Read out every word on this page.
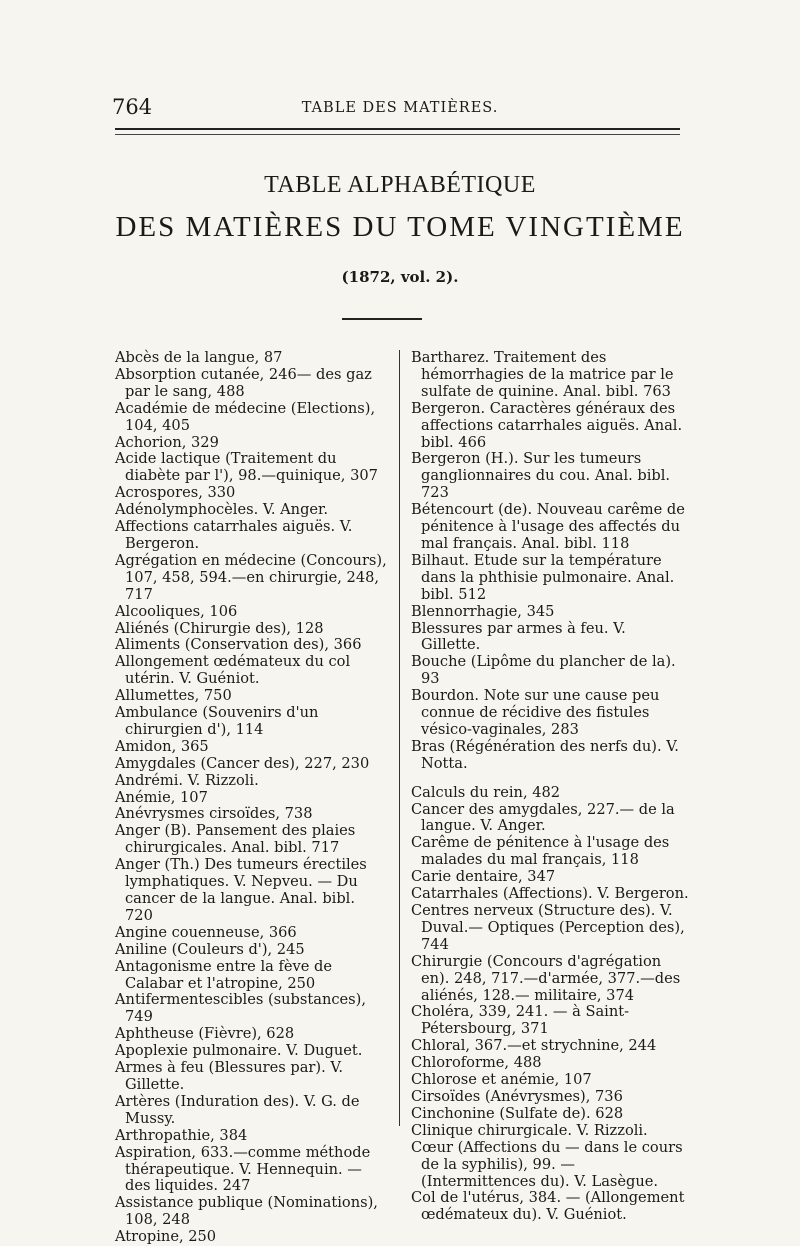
764	TABLE DES MATIÈRES.
TABLE ALPHABÉTIQUE
DES MATIÈRES DU TOME VINGTIÈME
(1872, vol. 2).

Abcès de la langue, 87

Absorption cutanée, 246— des gaz par le sang, 488

Académie de médecine (Elections), 104, 405

Achorion, 329

Acide lactique (Traitement du diabète par l'), 98.—quinique, 307

Acrospores, 330

Adénolymphocèles. V. Anger.

Affections catarrhales aiguës. V. Bergeron.

Agrégation en médecine (Concours), 107, 458, 594.—en chirurgie, 248, 717

Alcooliques, 106

Aliénés (Chirurgie des), 128

Aliments (Conservation des), 366

Allongement œdémateux du col utérin. V. Guéniot.

Allumettes, 750

Ambulance (Souvenirs d'un chirurgien d'), 114

Amidon, 365

Amygdales (Cancer des), 227, 230

Andrémi. V. Rizzoli.

Anémie, 107

Anévrysmes cirsoïdes, 738

Anger (B). Pansement des plaies chirurgicales. Anal. bibl. 717

Anger (Th.) Des tumeurs érectiles lymphatiques. V. Nepveu. — Du cancer de la langue. Anal. bibl. 720

Angine couenneuse, 366

Aniline (Couleurs d'), 245

Antagonisme entre la fève de Calabar et l'atropine, 250

Antifermentescibles (substances), 749

Aphtheuse (Fièvre), 628

Apoplexie pulmonaire. V. Duguet.

Armes à feu (Blessures par). V. Gillette.

Artères (Induration des). V. G. de Mussy.

Arthropathie, 384

Aspiration, 633.—comme méthode thérapeutique. V. Hennequin. — des liquides. 247

Assistance publique (Nominations), 108, 248

Atropine, 250

Bartharez. Traitement des hémorrhagies de la matrice par le sulfate de quinine. Anal. bibl. 763

Bergeron. Caractères généraux des affections catarrhales aiguës. Anal. bibl. 466

Bergeron (H.). Sur les tumeurs ganglionnaires du cou. Anal. bibl. 723

Bétencourt (de). Nouveau carême de pénitence à l'usage des affectés du mal français. Anal. bibl. 118

Bilhaut. Etude sur la température dans la phthisie pulmonaire. Anal. bibl. 512

Blennorrhagie, 345

Blessures par armes à feu. V. Gillette.

Bouche (Lipôme du plancher de la). 93

Bourdon. Note sur une cause peu connue de récidive des fistules vésico-vaginales, 283

Bras (Régénération des nerfs du). V. Notta.

Calculs du rein, 482

Cancer des amygdales, 227.— de la langue. V. Anger.

Carême de pénitence à l'usage des malades du mal français, 118

Carie dentaire, 347

Catarrhales (Affections). V. Bergeron.

Centres nerveux (Structure des). V. Duval.— Optiques (Perception des), 744

Chirurgie (Concours d'agrégation en). 248, 717.—d'armée, 377.—des aliénés, 128.— militaire, 374

Choléra, 339, 241. — à Saint-Pétersbourg, 371

Chloral, 367.—et strychnine, 244

Chloroforme, 488

Chlorose et anémie, 107

Cirsoïdes (Anévrysmes), 736

Cinchonine (Sulfate de). 628

Clinique chirurgicale. V. Rizzoli.

Cœur (Affections du — dans le cours de la syphilis), 99. — (Intermittences du). V. Lasègue.

Col de l'utérus, 384. — (Allongement œdémateux du). V. Guéniot.
